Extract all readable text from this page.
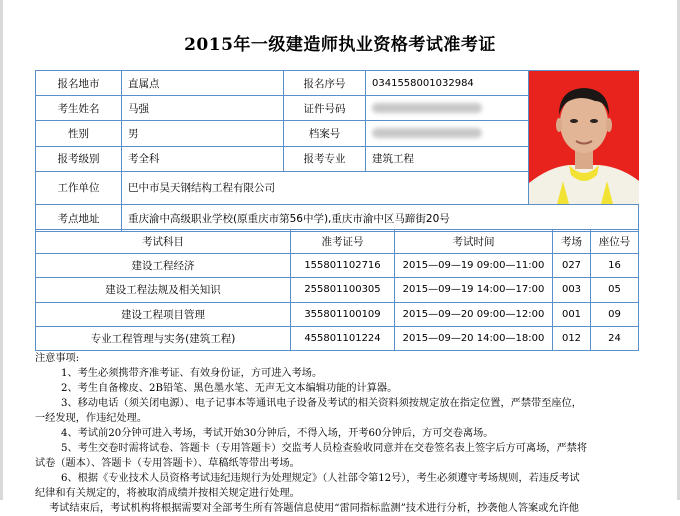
2015年一级建造师执业资格考试准考证
报名地市	直属点	报名序号	0341558001032984	

考生姓名	马强	证件号码		
性别	男	档案号		
报考级别	考全科	报考专业	建筑工程	
工作单位	巴中市昊天钢结构工程有限公司			
考点地址	重庆渝中高级职业学校(原重庆市第56中学),重庆市渝中区马蹄街20号			
考试科目	准考证号	考试时间	考场	座位号
建设工程经济	155801102716	2015—09—19 09:00—11:00	027	16
建设工程法规及相关知识	255801100305	2015—09—19 14:00—17:00	003	05
建设工程项目管理	355801100109	2015—09—20 09:00—12:00	001	09
专业工程管理与实务(建筑工程)	455801101224	2015—09—20 14:00—18:00	012	24

注意事项:

1、考生必须携带齐准考证、有效身份证，方可进入考场。

2、考生自备橡皮、2B铅笔、黑色墨水笔、无声无文本编辑功能的计算器。

3、移动电话（须关闭电源）、电子记事本等通讯电子设备及考试的相关资料须按规定放在指定位置，严禁带至座位，

一经发现，作违纪处理。

4、考试前20分钟可进入考场，考试开始30分钟后，不得入场，开考60分钟后，方可交卷离场。

5、考生交卷时需将试卷、答题卡（专用答题卡）交监考人员检查验收同意并在交卷签名表上签字后方可离场，严禁将

试卷（题本）、答题卡（专用答题卡）、草稿纸等带出考场。

6、根据《专业技术人员资格考试违纪违规行为处理规定》（人社部令第12号），考生必须遵守考场规则，若违反考试

纪律和有关规定的，将被取消成绩并按相关规定进行处理。

考试结束后，考试机构将根据需要对全部考生所有答题信息使用“雷同指标监测”技术进行分析，抄袭他人答案或允许他
